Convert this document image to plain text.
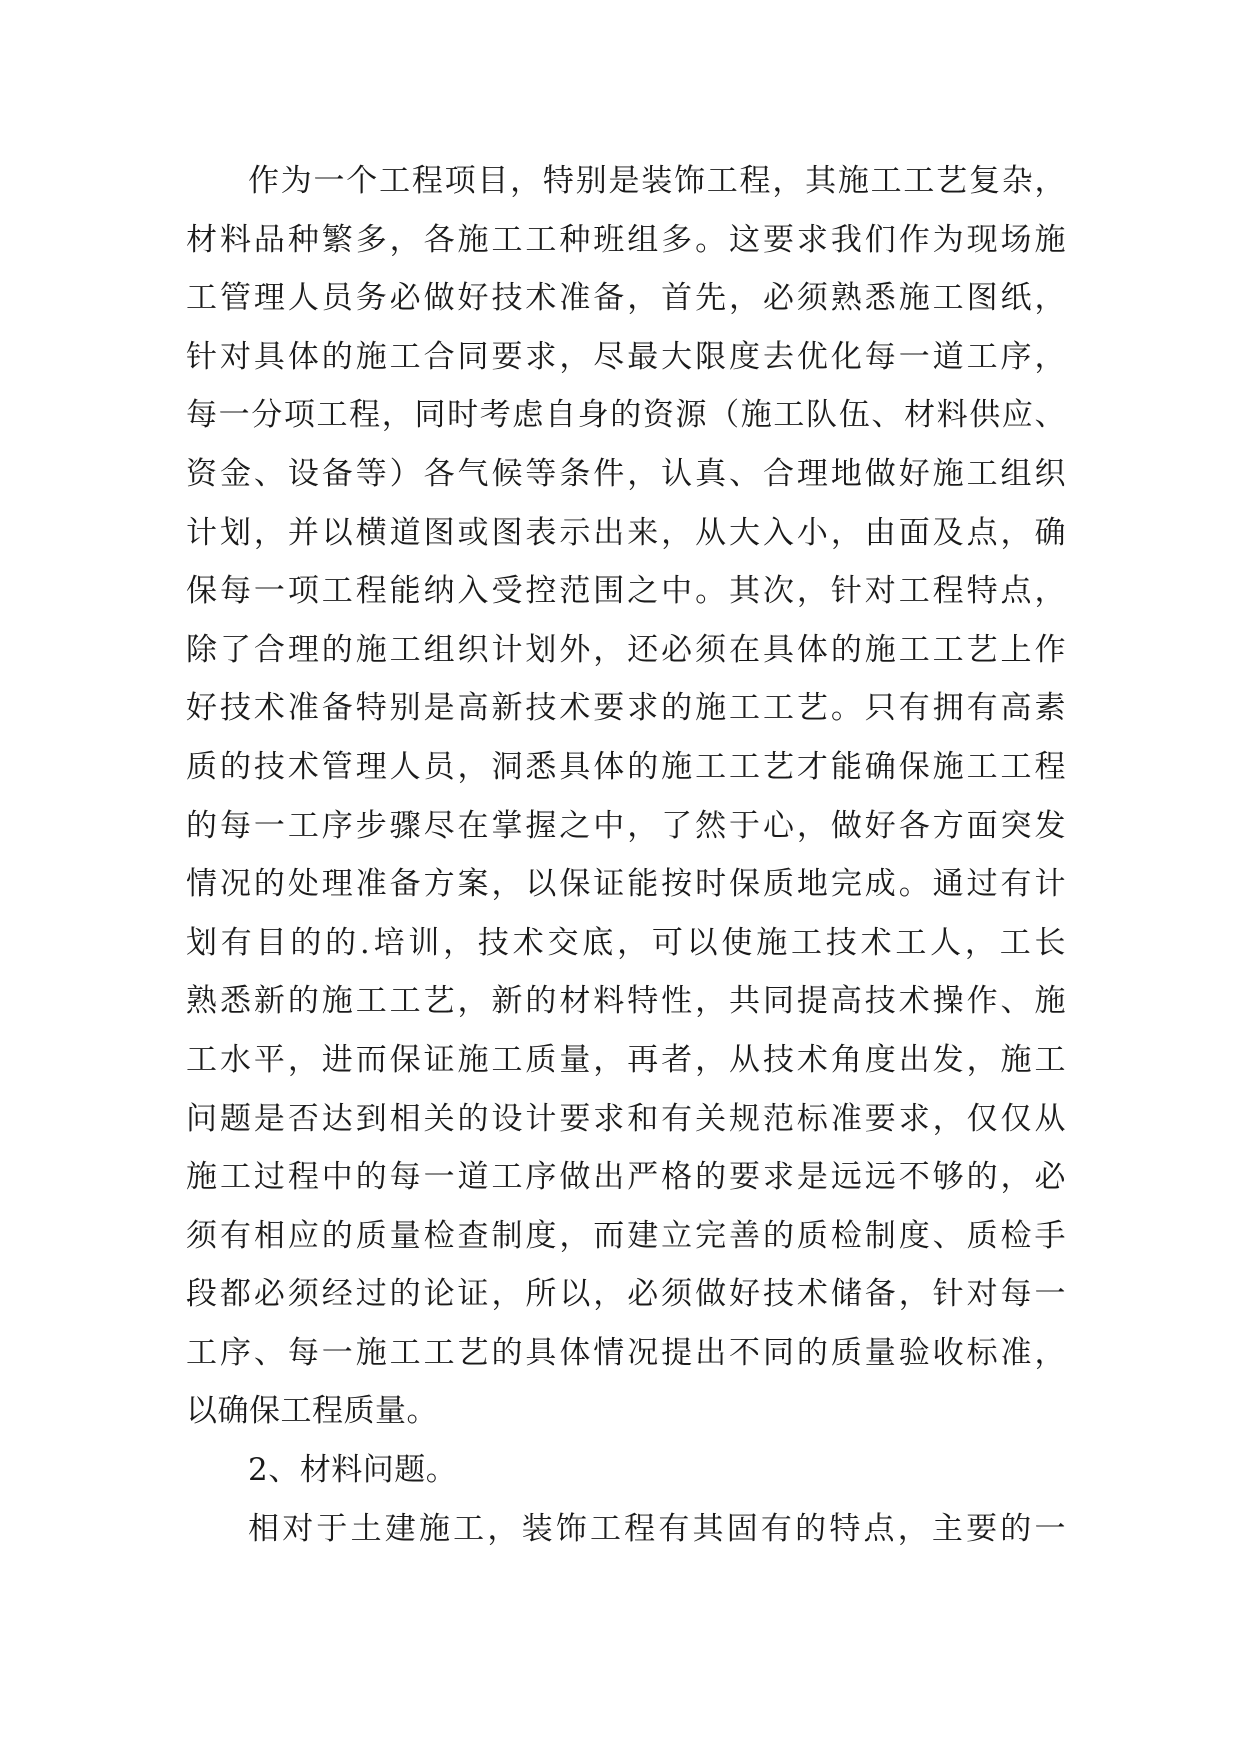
作为一个工程项目，特别是装饰工程，其施工工艺复杂，
材料品种繁多，各施工工种班组多。这要求我们作为现场施
工管理人员务必做好技术准备，首先，必须熟悉施工图纸，
针对具体的施工合同要求，尽最大限度去优化每一道工序，
每一分项工程，同时考虑自身的资源（施工队伍、材料供应、
资金、设备等）各气候等条件，认真、合理地做好施工组织
计划，并以横道图或图表示出来，从大入小，由面及点，确
保每一项工程能纳入受控范围之中。其次，针对工程特点，
除了合理的施工组织计划外，还必须在具体的施工工艺上作
好技术准备特别是高新技术要求的施工工艺。只有拥有高素
质的技术管理人员，洞悉具体的施工工艺才能确保施工工程
的每一工序步骤尽在掌握之中，了然于心，做好各方面突发
情况的处理准备方案，以保证能按时保质地完成。通过有计
划有目的的.培训，技术交底，可以使施工技术工人，工长
熟悉新的施工工艺，新的材料特性，共同提高技术操作、施
工水平，进而保证施工质量，再者，从技术角度出发，施工
问题是否达到相关的设计要求和有关规范标准要求，仅仅从
施工过程中的每一道工序做出严格的要求是远远不够的，必
须有相应的质量检查制度，而建立完善的质检制度、质检手
段都必须经过的论证，所以，必须做好技术储备，针对每一
工序、每一施工工艺的具体情况提出不同的质量验收标准，
以确保工程质量。
2、材料问题。
相对于土建施工，装饰工程有其固有的特点，主要的一
